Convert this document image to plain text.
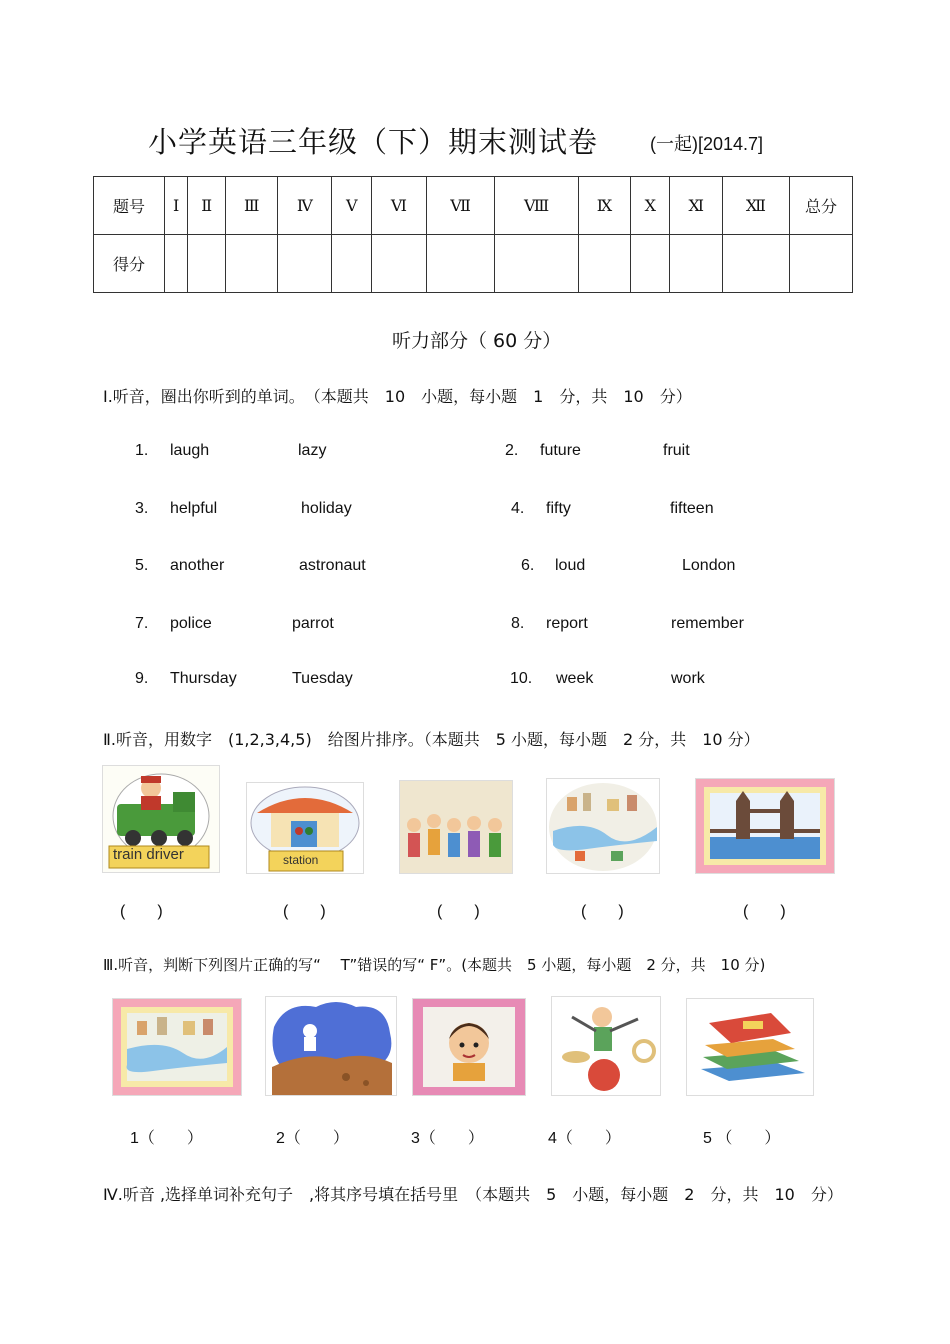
小学英语三年级（下）期末测试卷	(一起)[2014.7]
题号	Ⅰ	Ⅱ	Ⅲ	Ⅳ	Ⅴ	Ⅵ	Ⅶ	Ⅷ	Ⅸ	Ⅹ	Ⅺ	Ⅻ	总分
得分													
听力部分（ 60 分）
Ⅰ.听音，圈出你听到的单词。　（本题共　10　小题，每小题　1　分，共　10　分）
1. laugh	lazy	2. future	fruit
3. helpful	holiday	4. fifty	fifteen
5. another	astronaut	6. loud	London
7. police	parrot	8. report	remember
9. Thursday	Tuesday	10. week	work
Ⅱ.听音，用数字　(1,2,3,4,5)　给图片排序。（本题共　5 小题，每小题　2 分，共　10 分）
train driver	station
(　　)	(　　)	(　　)	(　　)	(　　)
Ⅲ.听音，判断下列图片正确的写“　 T”错误的写“ F”。(本题共　5 小题，每小题　2 分，共　10 分)
1（　　）	2（　　）	3（　　）	4（　　）	5 （　　）
Ⅳ.听音 ,选择单词补充句子　,将其序号填在括号里　（本题共　5　小题，每小题　2　分，共　10　分）
